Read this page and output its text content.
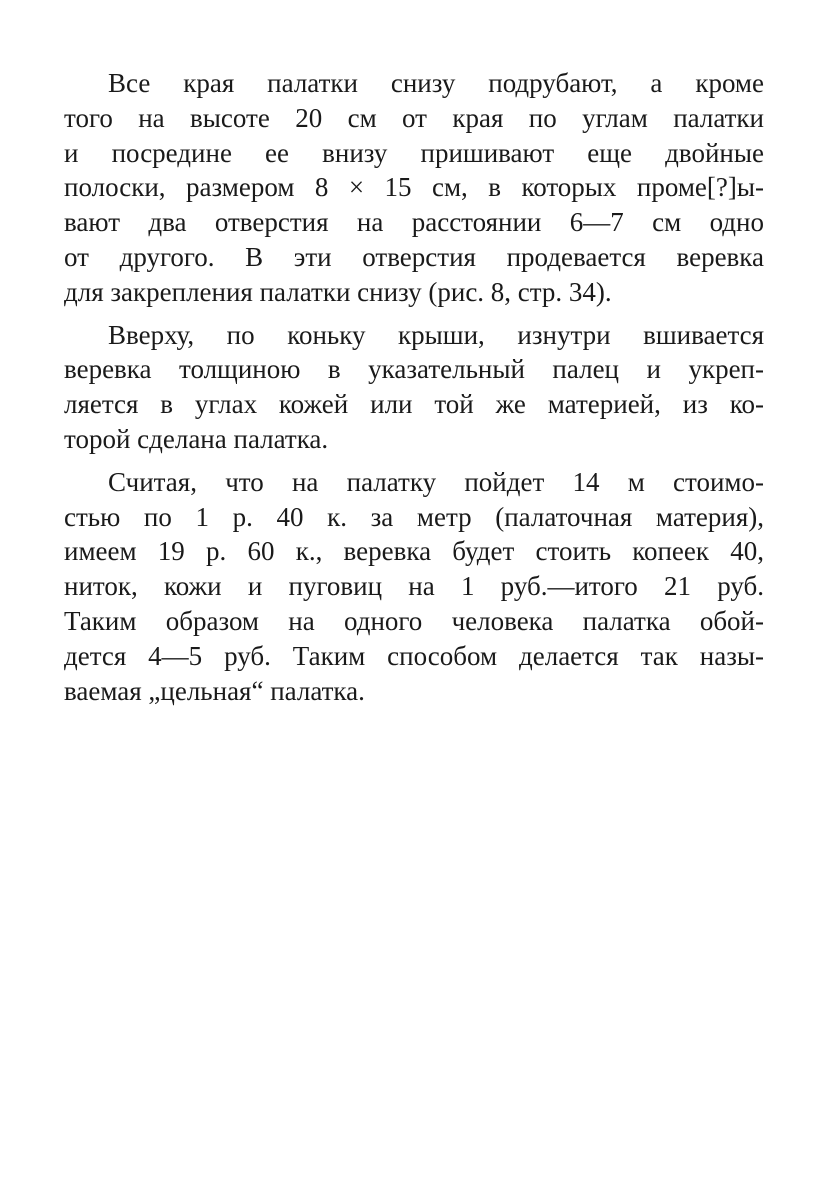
Все края палатки снизу подрубают, а кроме
того на высоте 20 см от края по углам палатки
и посредине ее внизу пришивают еще двойные
полоски, размером 8 × 15 см, в которых проме[?]ы-
вают два отверстия на расстоянии 6—7 см одно
от другого. В эти отверстия продевается веревка
для закрепления палатки снизу (рис. 8, стр. 34).
Вверху, по коньку крыши, изнутри вшивается
веревка толщиною в указательный палец и укреп-
ляется в углах кожей или той же материей, из ко-
торой сделана палатка.
Считая, что на палатку пойдет 14 м стоимо-
стью по 1 р. 40 к. за метр (палаточная материя),
имеем 19 р. 60 к., веревка будет стоить копеек 40,
ниток, кожи и пуговиц на 1 руб.—итого 21 руб.
Таким образом на одного человека палатка обой-
дется 4—5 руб. Таким способом делается так назы-
ваемая „цельная“ палатка.
